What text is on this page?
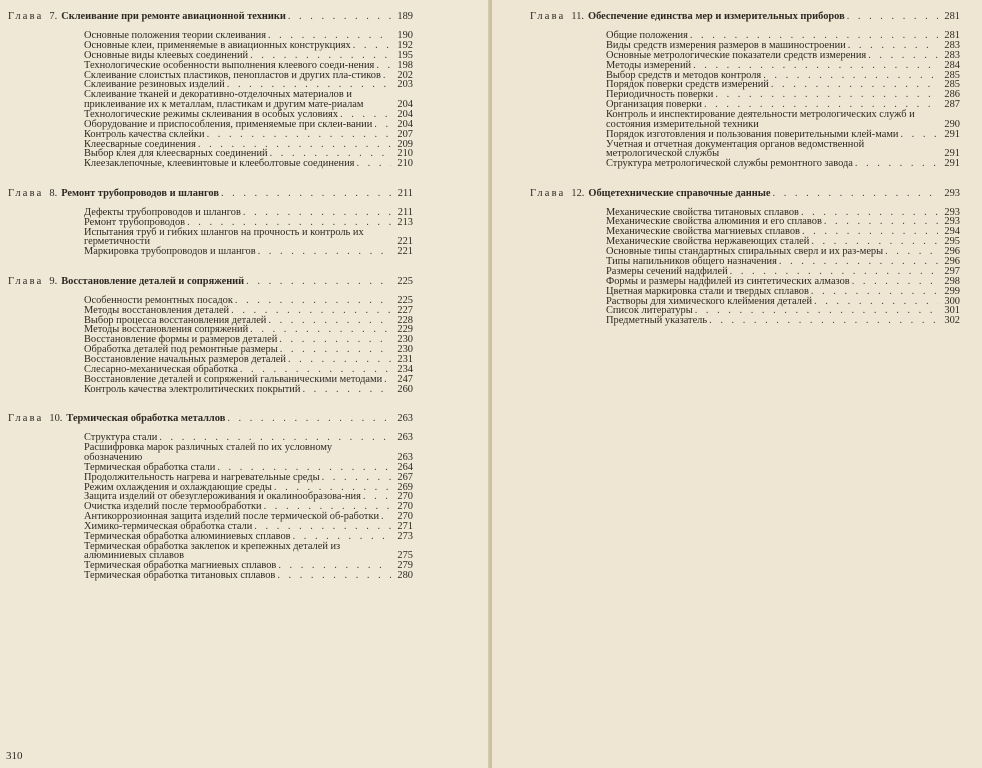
Глава 7. Склеивание при ремонте авиационной техники . . .	189
Основные положения теории склеивания . . .	190
Основные клеи, применяемые в авиационных конструкциях . . .	192
Основные виды клеевых соединений . . .	195
Технологические особенности выполнения клеевого соеди-нения . . .	198
Склеивание слоистых пластиков, пенопластов и других пла-стиков . . .	202
Склеивание резиновых изделий . . .	203
Склеивание тканей и декоративно-отделочных материалов и приклеивание их к металлам, пластикам и другим мате-риалам	204
Технологические режимы склеивания в особых условиях . . .	204
Оборудование и приспособления, применяемые при склеи-вании . . .	204
Контроль качества склейки . . .	207
Клеесварные соединения . . .	209
Выбор клея для клеесварных соединений . . .	210
Клеезаклепочные, клеевинтовые и клееболтовые соединения . . .	210
Глава 8. Ремонт трубопроводов и шлангов . . .	211
Дефекты трубопроводов и шлангов . . .	211
Ремонт трубопроводов . . .	213
Испытания труб и гибких шлангов на прочность и контроль их герметичности	221
Маркировка трубопроводов и шлангов . . .	221
Глава 9. Восстановление деталей и сопряжений . . .	225
Особенности ремонтных посадок . . .	225
Методы восстановления деталей . . .	227
Выбор процесса восстановления деталей . . .	228
Методы восстановления сопряжений . . .	229
Восстановление формы и размеров деталей . . .	230
Обработка деталей под ремонтные размеры . . .	230
Восстановление начальных размеров деталей . . .	231
Слесарно-механическая обработка . . .	234
Восстановление деталей и сопряжений гальваническими методами . . .	247
Контроль качества электролитических покрытий . . .	260
Глава 10. Термическая обработка металлов . . .	263
Структура стали . . .	263
Расшифровка марок различных сталей по их условному обозначению	263
Термическая обработка стали . . .	264
Продолжительность нагрева и нагревательные среды . . .	267
Режим охлаждения и охлаждающие среды . . .	269
Защита изделий от обезуглероживания и окалинообразова-ния . . .	270
Очистка изделий после термообработки . . .	270
Антикоррозионная защита изделий после термической об-работки . . .	270
Химико-термическая обработка стали . . .	271
Термическая обработка алюминиевых сплавов . . .	273
Термическая обработка заклепок и крепежных деталей из алюминиевых сплавов	275
Термическая обработка магниевых сплавов . . .	279
Термическая обработка титановых сплавов . . .	280
310
Глава 11. Обеспечение единства мер и измерительных приборов . . .	281
Общие положения . . .	281
Виды средств измерения размеров в машиностроении . . .	283
Основные метрологические показатели средств измерения . . .	283
Методы измерений . . .	284
Выбор средств и методов контроля . . .	285
Порядок поверки средств измерений . . .	285
Периодичность поверки . . .	286
Организация поверки . . .	287
Контроль и инспектирование деятельности метрологических служб и состояния измерительной техники	290
Порядок изготовления и пользования поверительными клей-мами . . .	291
Учетная и отчетная документация органов ведомственной метрологической службы	291
Структура метрологической службы ремонтного завода . . .	291
Глава 12. Общетехнические справочные данные . . .	293
Механические свойства титановых сплавов . . .	293
Механические свойства алюминия и его сплавов . . .	293
Механические свойства магниевых сплавов . . .	294
Механические свойства нержавеющих сталей . . .	295
Основные типы стандартных спиральных сверл и их раз-меры . . .	296
Типы напильников общего назначения . . .	296
Размеры сечений надфилей . . .	297
Формы и размеры надфилей из синтетических алмазов . . .	298
Цветная маркировка стали и твердых сплавов . . .	299
Растворы для химического клеймения деталей . . .	300
Список литературы . . .	301
Предметный указатель . . .	302
